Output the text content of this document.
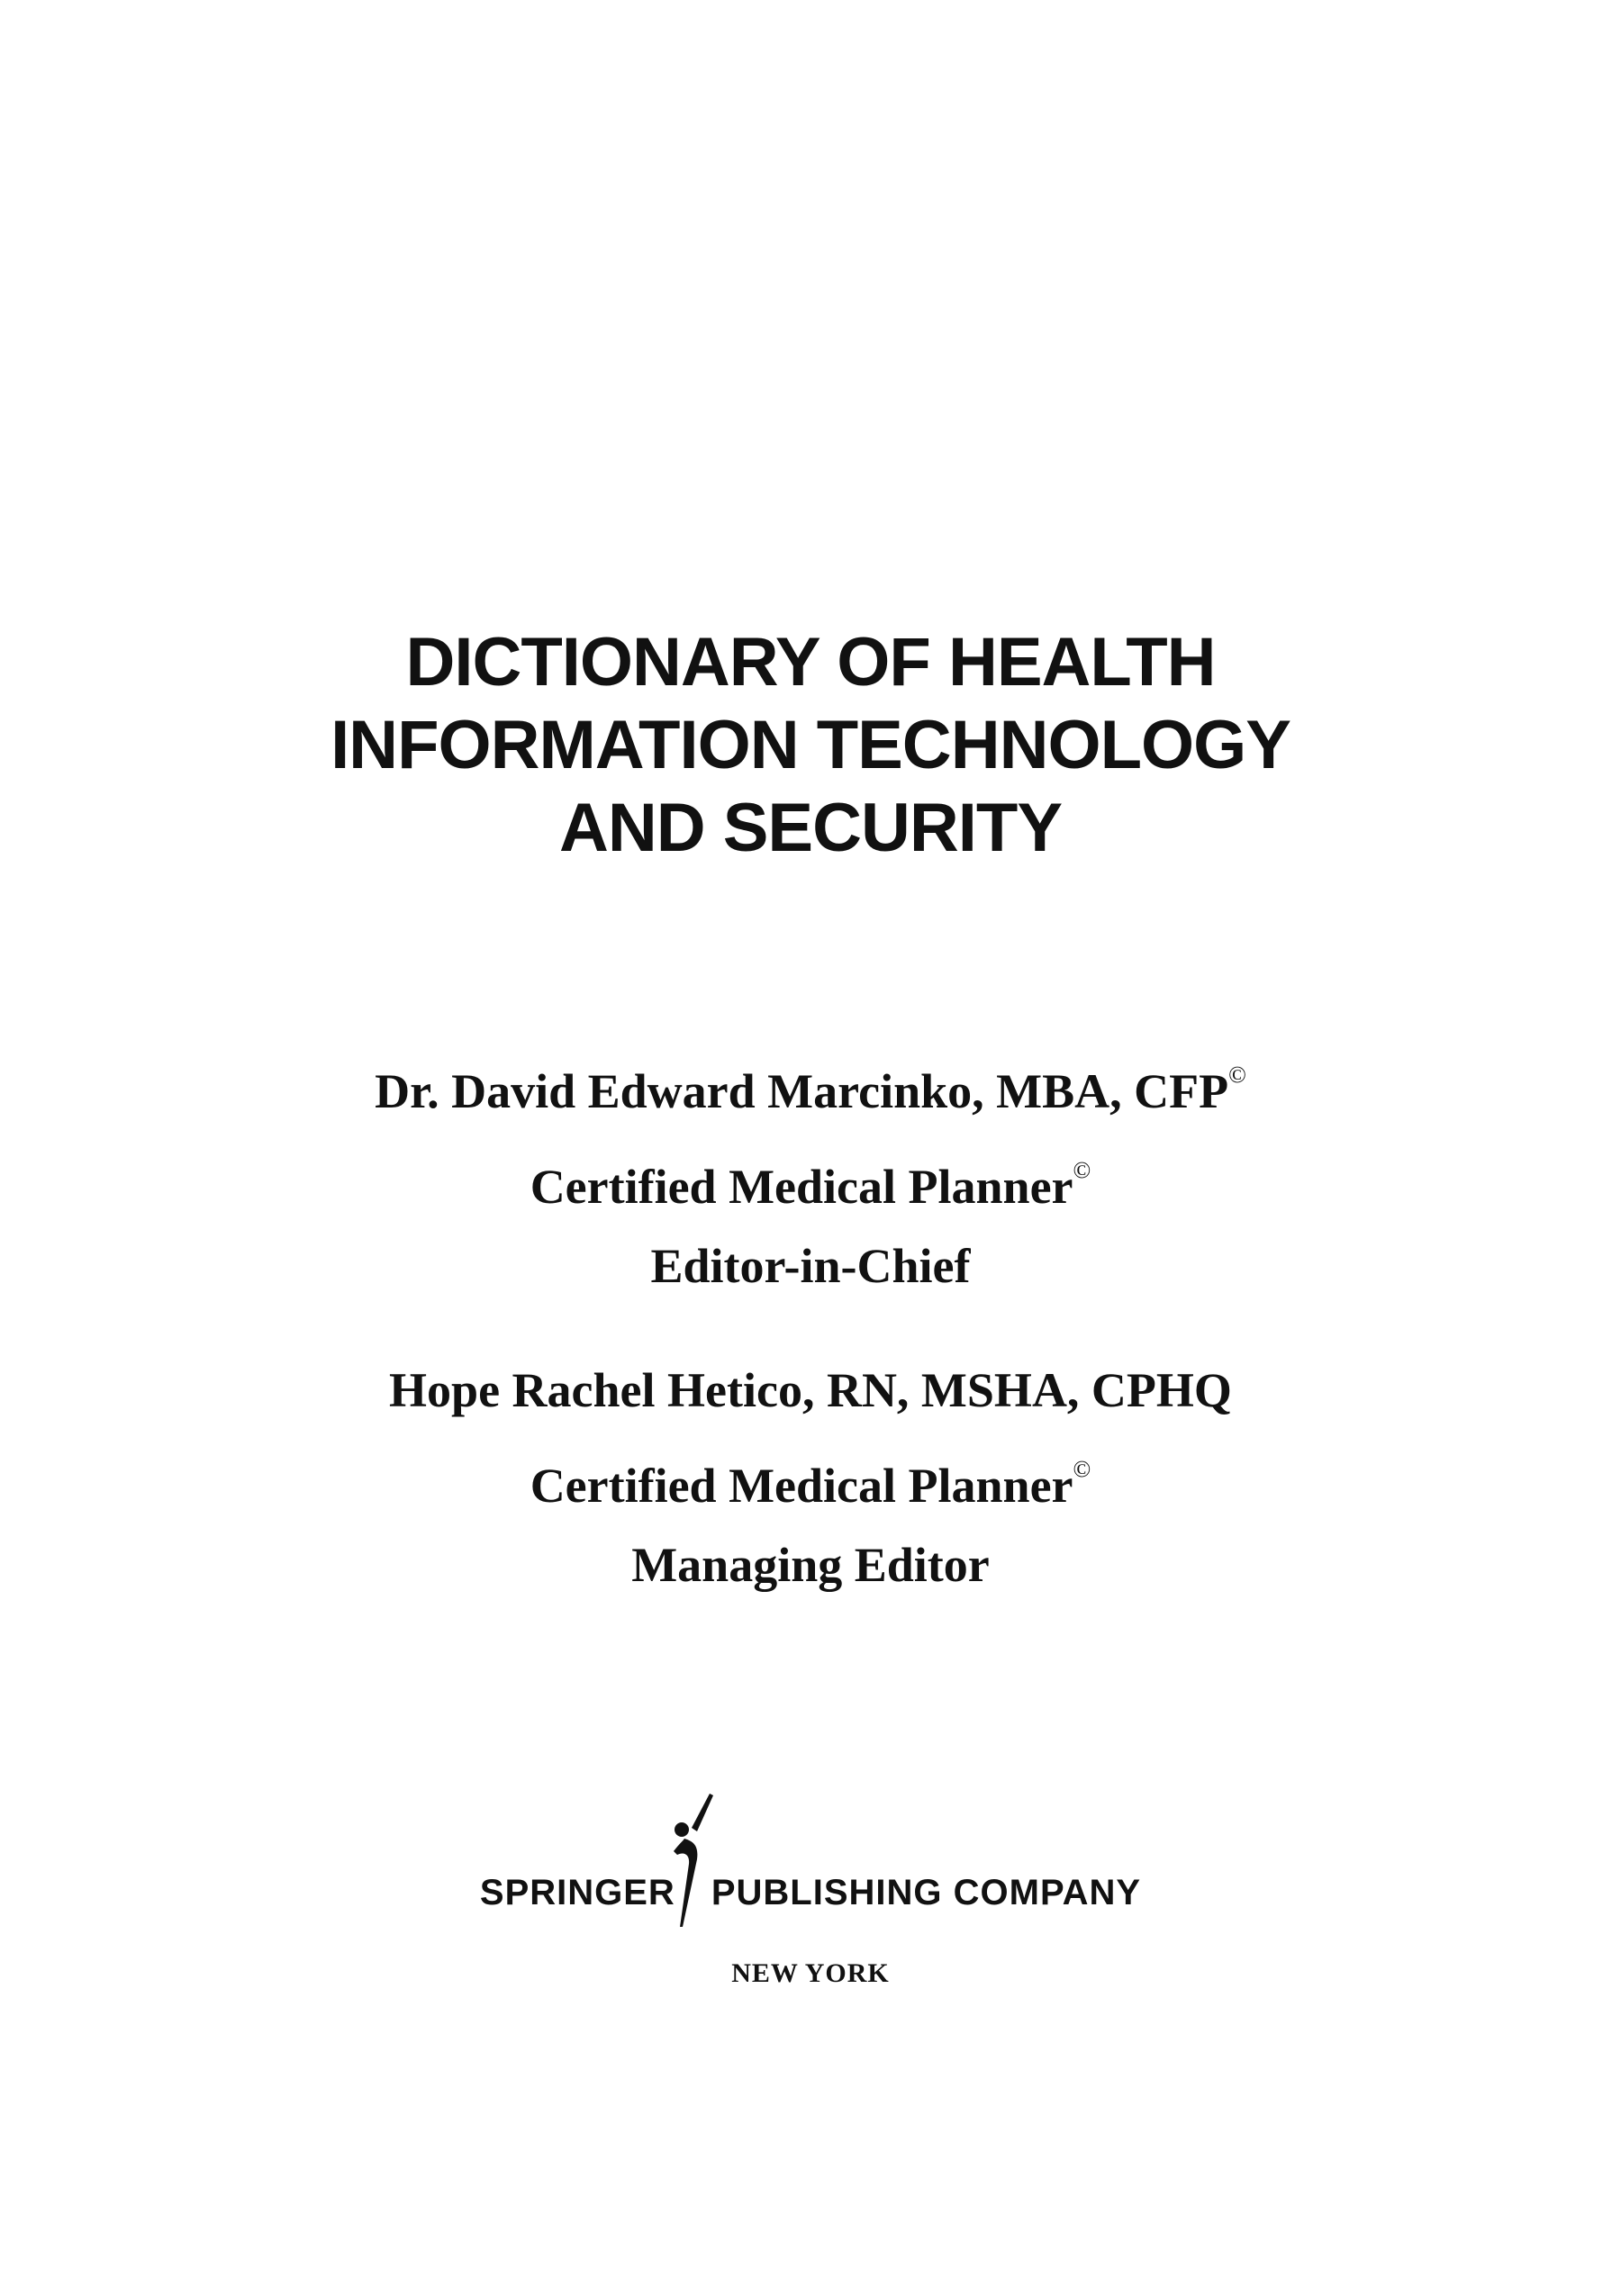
DICTIONARY OF HEALTH
INFORMATION TECHNOLOGY
AND SECURITY
Dr. David Edward Marcinko, MBA, CFP©
Certified Medical Planner©
Editor-in-Chief
Hope Rachel Hetico, RN, MSHA, CPHQ
Certified Medical Planner©
Managing Editor
SPRINGER PUBLISHING COMPANY
NEW YORK
